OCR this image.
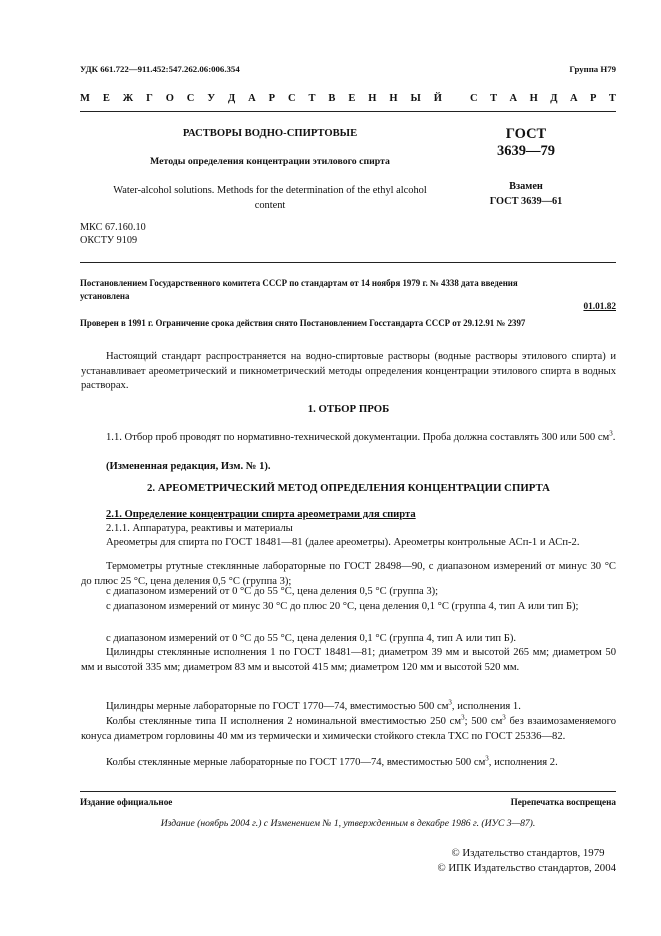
УДК 661.722—911.452:547.262.06:006.354	Группа Н79
М Е Ж Г О С У Д А Р С Т В Е Н Н Ы Й	С Т А Н Д А Р Т
РАСТВОРЫ ВОДНО-СПИРТОВЫЕ
Методы определения концентрации этилового спирта
Water-alcohol solutions. Methods for the determination of the ethyl alcohol
content
ГОСТ
3639—79
Взамен
ГОСТ 3639—61
МКС 67.160.10
ОКСТУ 9109
Постановлением Государственного комитета СССР по стандартам от 14 ноября 1979 г. № 4338 дата введения
установлена
01.01.82
Проверен в 1991 г. Ограничение срока действия снято Постановлением Госстандарта СССР от 29.12.91 № 2397

Настоящий стандарт распространяется на водно-спиртовые растворы (водные растворы этилового спирта) и устанавливает ареометрический и пикнометрический методы определения концентрации этилового спирта в водных растворах.

1. ОТБОР ПРОБ

1.1. Отбор проб проводят по нормативно-технической документации. Проба должна составлять 300 или 500 $см^3$.

(Измененная редакция, Изм. № 1).

2. АРЕОМЕТРИЧЕСКИЙ МЕТОД ОПРЕДЕЛЕНИЯ КОНЦЕНТРАЦИИ СПИРТА

2.1. Определение концентрации спирта ареометрами для спирта

2.1.1. Аппаратура, реактивы и материалы

Ареометры для спирта по ГОСТ 18481—81 (далее ареометры). Ареометры контрольные АСп-1 и АСп-2.

Термометры ртутные стеклянные лабораторные по ГОСТ 28498—90, с диапазоном измерений от минус 30 °С до плюс 25 °С, цена деления 0,5 °С (группа 3);

с диапазоном измерений от 0 °С до 55 °С, цена деления 0,5 °С (группа 3);

с диапазоном измерений от минус 30 °С до плюс 20 °С, цена деления 0,1 °С (группа 4, тип А или тип Б);

с диапазоном измерений от 0 °С до 55 °С, цена деления 0,1 °С (группа 4, тип А или тип Б).

Цилиндры стеклянные исполнения 1 по ГОСТ 18481—81; диаметром 39 мм и высотой 265 мм; диаметром 50 мм и высотой 335 мм; диаметром 83 мм и высотой 415 мм; диаметром 120 мм и высотой 520 мм.

Цилиндры мерные лабораторные по ГОСТ 1770—74, вместимостью 500 $см^3$, исполнения 1.

Колбы стеклянные типа II исполнения 2 номинальной вместимостью 250 $см^3$; 500 $см^3$ без взаимозаменяемого конуса диаметром горловины 40 мм из термически и химически стойкого стекла ТХС по ГОСТ 25336—82.

Колбы стеклянные мерные лабораторные по ГОСТ 1770—74, вместимостью 500 $см^3$, исполнения 2.

Издание официальное	Перепечатка воспрещена
Издание (ноябрь 2004 г.) с Изменением № 1, утвержденным в декабре 1986 г. (ИУС 3—87).
© Издательство стандартов, 1979
© ИПК Издательство стандартов, 2004
